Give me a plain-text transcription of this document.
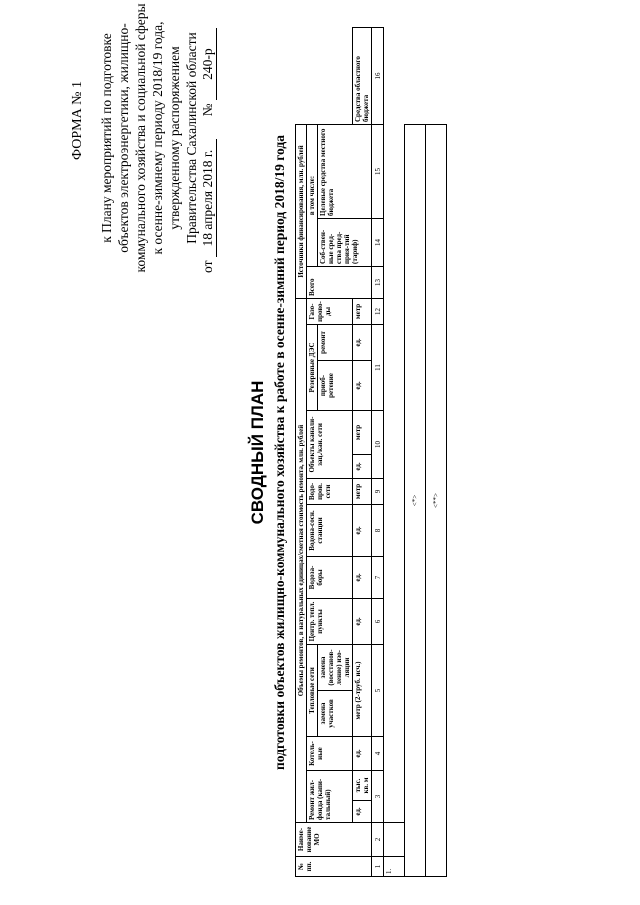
ФОРМА № 1 к Плану мероприятий по подготовке объектов электроэнергетики, жилищно- коммунального хозяйства и социальной сферы к осенне-зимнему периоду 2018/19 года, утвержденному распоряжением Правительства Сахалинской области
от 18 апреля 2018 г.  № 240-р
СВОДНЫЙ ПЛАН подготовки объектов жилищно-коммунального хозяйства к работе в осенне-зимний период 2018/19 года
№ пп.	Наиме-нование МО	Объемы ремонтов, в натуральных единицах/сметная стоимость ремонта, млн. рублей														Источники финансирования, млн. рублей			
		Ремонт жил-фонда (капи-тальный)		Котель-ные	Тепловые сети		Центр. тепл. пункты	Водоза-боры	Водона-сосн. станции	Водо-пров. сети	Объекты канали-зац./кан. сети		Резервные ДЭС		Газо-прово-ды	Всего	в том числе:		
					замена участков	замена (восстанов-ление) изо-ляции							приоб-ретение	ремонт			Соб-ствен-ные сред-ства пред-прия-тий (тариф)	Целевые средства местного бюджета	
		ед.	тыс. кв. м	ед.	метр (2-труб. исч.)		ед.	ед.	ед.	метр	ед.	метр	ед.	ед.	метр				Средства областного бюджета
1	2	3		4	5		6	7	8	9	10		11		12	13	14	15	16
1.																			
<*>																			
<**>																			
